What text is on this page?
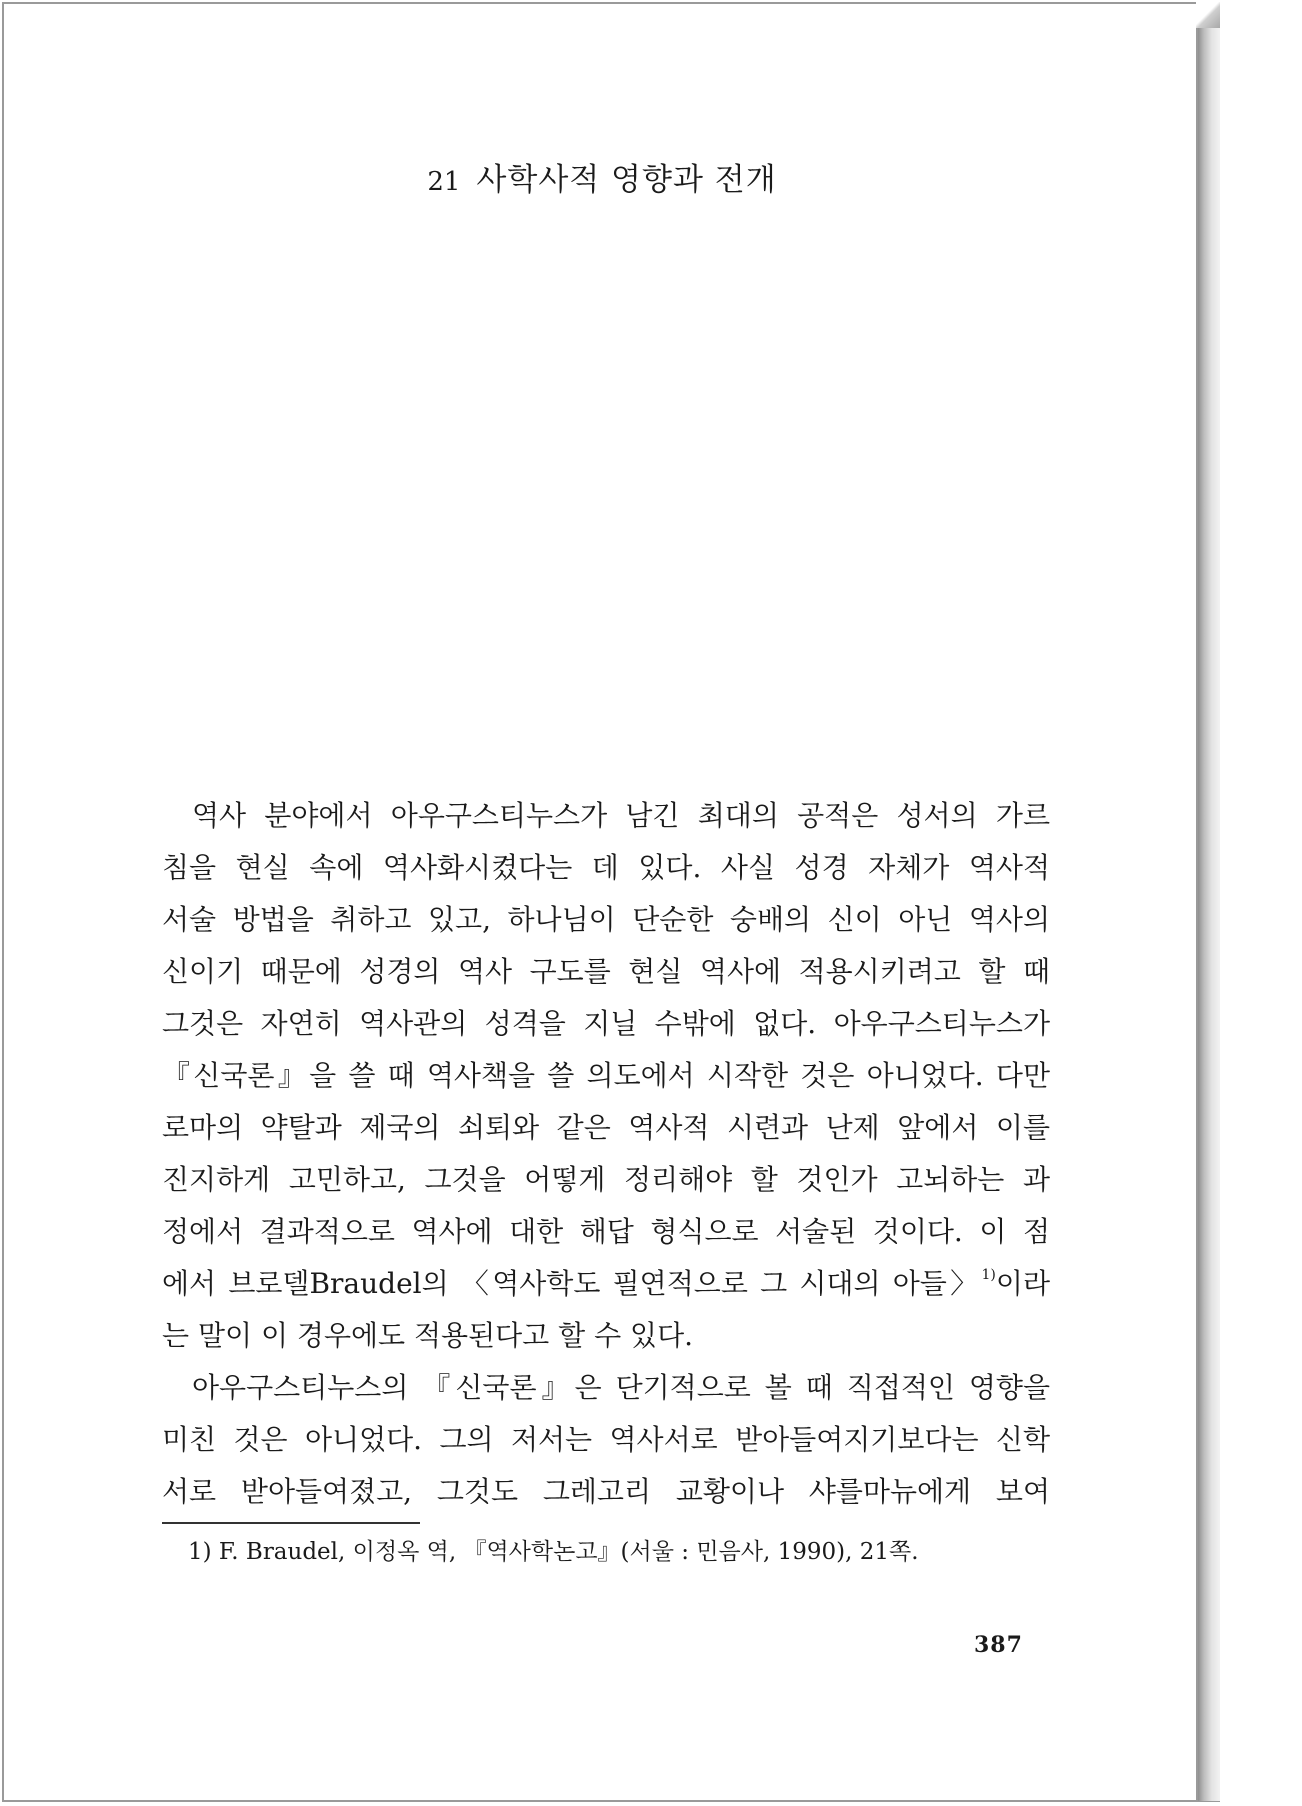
21 사학사적 영향과 전개
역사 분야에서 아우구스티누스가 남긴 최대의 공적은 성서의 가르
침을 현실 속에 역사화시켰다는 데 있다. 사실 성경 자체가 역사적
서술 방법을 취하고 있고, 하나님이 단순한 숭배의 신이 아닌 역사의
신이기 때문에 성경의 역사 구도를 현실 역사에 적용시키려고 할 때
그것은 자연히 역사관의 성격을 지닐 수밖에 없다. 아우구스티누스가
『신국론』을 쓸 때 역사책을 쓸 의도에서 시작한 것은 아니었다. 다만
로마의 약탈과 제국의 쇠퇴와 같은 역사적 시련과 난제 앞에서 이를
진지하게 고민하고, 그것을 어떻게 정리해야 할 것인가 고뇌하는 과
정에서 결과적으로 역사에 대한 해답 형식으로 서술된 것이다. 이 점
에서 브로델Braudel의 〈역사학도 필연적으로 그 시대의 아들〉$^{1)}$이라
는 말이 이 경우에도 적용된다고 할 수 있다.
아우구스티누스의 『신국론』은 단기적으로 볼 때 직접적인 영향을
미친 것은 아니었다. 그의 저서는 역사서로 받아들여지기보다는 신학
서로 받아들여졌고, 그것도 그레고리 교황이나 샤를마뉴에게 보여
1) F. Braudel, 이정옥 역, 『역사학논고』(서울 : 민음사, 1990), 21쪽.
387
